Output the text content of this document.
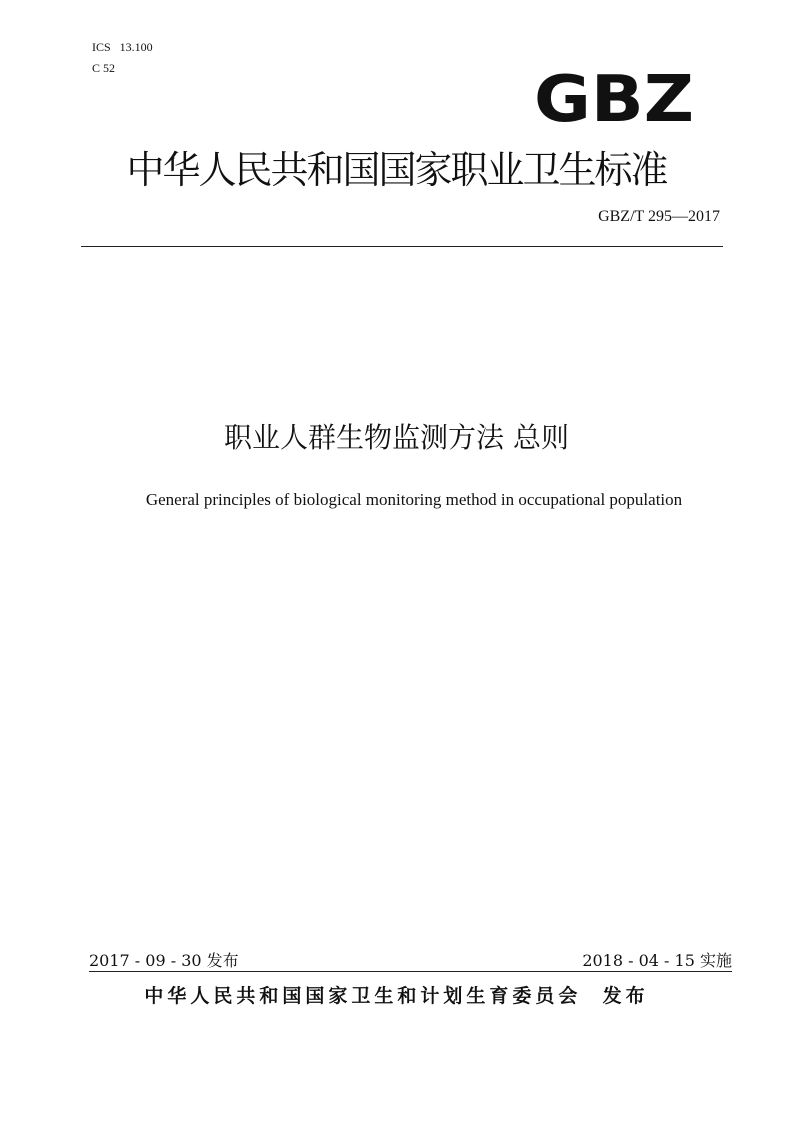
ICS   13.100
C 52	GBZ
中华人民共和国国家职业卫生标准
GBZ/T 295—2017
职业人群生物监测方法 总则
General principles of biological monitoring method in occupational population
2017 - 09 - 30 发布	2018 - 04 - 15 实施
中华人民共和国国家卫生和计划生育委员会  发布
